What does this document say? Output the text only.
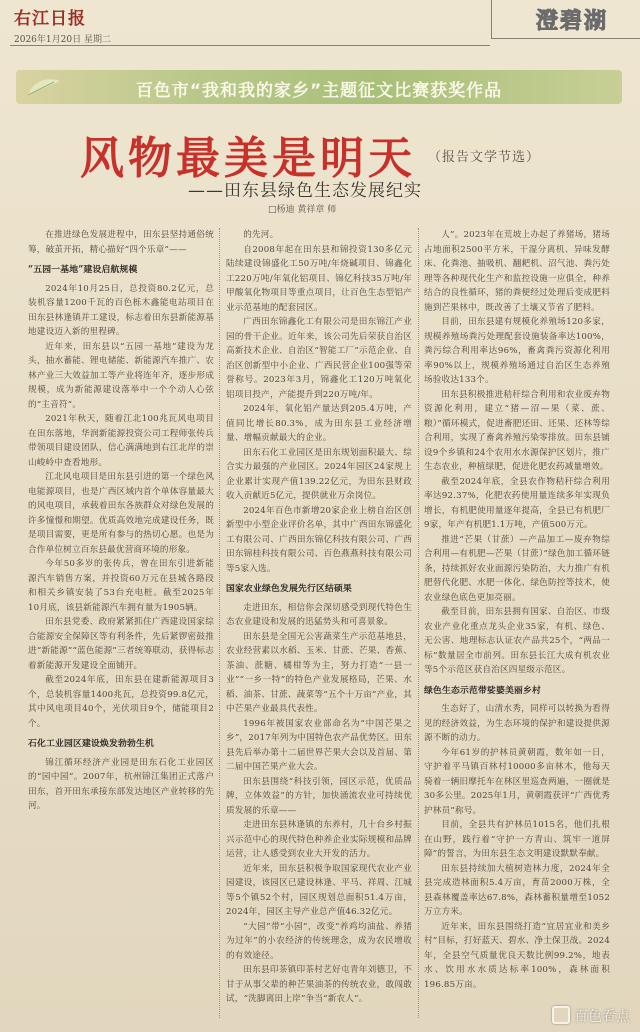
右江日报
2026年1月20日 星期二
澄碧湖
百色市“我和我的家乡”主题征文比赛获奖作品
风物最美是明天 （报告文学节选）
——田东县绿色生态发展纪实
□杨迪 黄祥章 师

在推进绿色发展进程中，田东县坚持通俗统筹，破茧开拓，精心描好“四个乐章”——

“五园一基地”建设启航规模

2024年10月25日，总投资80.2亿元，总装机容量1200千瓦的百色栎木鑫能电站项目在田东县林逢镇并工建设，标志着田东县新能源基地建设迈入新的里程碑。

近年来，田东县以“五园一基地”建设为龙头，抽水蓄能、锂电储能、新能源汽车推广、农林产业三大效益加工等产业将连年齐，逐步形成规模，成为新能源建设落举中一个个动人心弦的“主音符”。

2021年秋天，随着江北100兆瓦风电项目在田东落地，华润新能源投资公司工程师张传兵带领项目建设团队，信心满满地到右江北岸的崇山峻岭中查看地形。

江北风电项目是田东县引进的第一个绿色风电能源项目，也是广西区域内首个单体容量最大的风电项目，承载着田东各族群众对绿色发展的许多憧憬和期望。优质高效地完成建设任务，既是项目需要，更是所有参与的热切心愿。也是为合作单位树立百东县最优营商环境的形象。

今年50多岁的张传兵，曾在田东引进新能源汽车销售方案，并投资60万元在县城各路段和相关乡镇安装了53台充电桩。截至2025年10月底，该县新能源汽车拥有量为1905辆。

田东县党委、政府紧紧抓住广西建设国家综合能源安全保障区等有利条件，先后紧锣密鼓推进“新能源”“蓝色能源”三者统筹联动，获得标志着新能源开发建设全面铺开。

截至2024年底，田东县在建新能源项目3个，总装机容量1400兆瓦，总投资99.8亿元，其中风电项目40个，光伏项目9个，储能项目2个。

石化工业园区建设焕发勃勃生机

锦江循环经济产业园是田东石化工业园区的“园中园”。2007年，杭州锦江集团正式落户田东，首开田东承接东部发达地区产业转移的先河。

的先河。

自2008年起在田东县和锦投资130多亿元陆续建设锦盛化工50万吨/年烧碱项目、锦鑫化工220万吨/年氧化铝项目、锦亿科技35万吨/年甲酸氧化物项目等重点项目，让百色生态型铝产业示范基地的配套园区。

广西田东锦鑫化工有限公司是田东锦江产业园的骨干企业。近年来，该公司先后荣获自治区高新技术企业、自治区“智能工厂”示范企业、自治区创新型中小企业、广西民营企业100强等荣誉称号。2023年3月，锦鑫化工120万吨氧化铝项目投产，产能提升到220万吨/年。

2024年，氧化铝产量达到205.4万吨，产值同比增长80.3%，成为田东县工业经济增量、增幅贡献最大的企业。

田东石化工业园区是田东规划面积最大、综合实力最强的产业园区。2024年园区24家规上企业累计实现产值139.22亿元，为田东县财政收入贡献近5亿元，提供就业万余岗位。

2024年百色市新增20家企业上榜自治区创新型中小型企业评价名单，其中广西田东锦盛化工有限公司、广西田东锦亿科技有限公司、广西田东锦桂科技有限公司、百色燕燕科技有限公司等5家入选。

国家农业绿色发展先行区结硕果

走进田东，相信你会深切感受到现代特色生态农业建设和发展的迅猛势头和可喜景象。

田东县是全国无公害蔬菜生产示范基地县，农业经营素以水稻、玉米、甘蔗、芒果、香蕉、茶油、蔗糖、橘柑等为主，努力打造“一县一业”“一乡一特”的特色产业发展格局，芒果、水稻、油茶、甘蔗、蔬菜等“五个十万亩”产业，其中芒果产业最具代表性。

1996年被国家农业部命名为“中国芒果之乡”，2017年列为中国特色农产品优势区。田东县先后举办第十二届世界芒果大会以及首届、第二届中国芒果产业大会。

田东县围绕“科技引领，园区示范，优质品牌，立体效益”的方针，加快涌流农业可持续优质发展的乐章——

走进田东县林逢镇的东养村，几十台乡村振兴示范中心的现代特色种养企业实际规模和品牌运营，让人感受到农业大开发的活力。

近年来，田东县积极争取国家现代农业产业园建设，该园区已建设林逢、平马、祥周、江城等5个镇52个村，园区规划总面积51.4万亩，2024年，园区主导产业总产值46.32亿元。

“大园”带“小园”，改变“养鸡均油盐、养猪为过年”的小农经济的传统理念，成为农民增收的有效途径。

田东县印茶镇印茶村艺好屯青年刘德卫，不甘于从事父辈的种芒果油茶的传统农业，敢闯敢试，“洗脚离田上岸”争当“新农人”。

人”。2023年在荒坡上办起了养猪场，猪场占地面积2500平方米，干湿分离机、异味发酵床、化粪池、抽吸机、翻耙机、沼气池、粪污处理等各种现代化生产和监控设施一应俱全，种养结合的良性循环，猪的粪便经过处理后变成肥料施到芒果林中，既改善了土壤又节省了肥料。

目前，田东县建有规模化养殖场120多家，规模养殖场粪污处理配套设施装备率达100%，粪污综合利用率达96%，畜禽粪污资源化利用率90%以上，规模养殖场通过自治区生态养殖场验收达133个。

田东县积极推进秸秆综合利用和农业废弃物资源化利用，建立“猪—沼—果（菜、蔗、粮）”循环模式，促进畜肥还田、还果、还林等综合利用，实现了畜禽养殖污染零排放。田东县铺设9个乡镇和24个农用水水源保护区划片，推广生态农业，种植绿肥，促进化肥农药减量增效。

截至2024年底，全县农作物秸秆综合利用率达92.37%，化肥农药使用量连续多年实现负增长，有机肥使用量逐年提高，全县已有机肥厂9家，年产有机肥1.1万吨，产值500万元。

推进“芒果（甘蔗）—产品加工—废弃物综合利用—有机肥—芒果（甘蔗）”绿色加工循环链条，持续抓好农业面源污染防治，大力推广有机肥替代化肥、水肥一体化、绿色防控等技术，使农业绿色底色更加亮丽。

截至目前，田东县拥有国家、自治区、市级农业产业化重点龙头企业35家，有机、绿色、无公害、地理标志认证农产品共25个，“两品一标”数量居全市前列。田东县长江大成有机农业等5个示范区获自治区四星级示范区。

绿色生态示范带娑婆美丽乡村

生态好了，山清水秀，同样可以转换为看得见的经济效益，为生态环境的保护和建设提供源源不断的动力。

今年61岁的护林员黄朝霞，数年如一日，守护着平马镇百林村10000多亩林木，他每天骑着一辆旧摩托车在林区里巡查两遍，一圈就是30多公里。2025年1月，黄朝霞获评“广西优秀护林员”称号。

目前，全县共有护林员1015名，他们扎根在山野，践行着“守护一方青山、筑牢一道屏障”的誓言，为田东县生态文明建设默默奉献。

田东县持续加大植树造林力度，2024年全县完成造林面积5.4万亩，育苗2000万株，全县森林覆盖率达67.8%，森林蓄积量增至1052万立方米。

近年来，田东县围绕打造“宜居宜业和美乡村”目标，打好蓝天、碧水、净土保卫战。2024年，全县空气质量优良天数比例99.2%，地表水、饮用水水质达标率100%，森林面积196.85万亩。

百色看点
